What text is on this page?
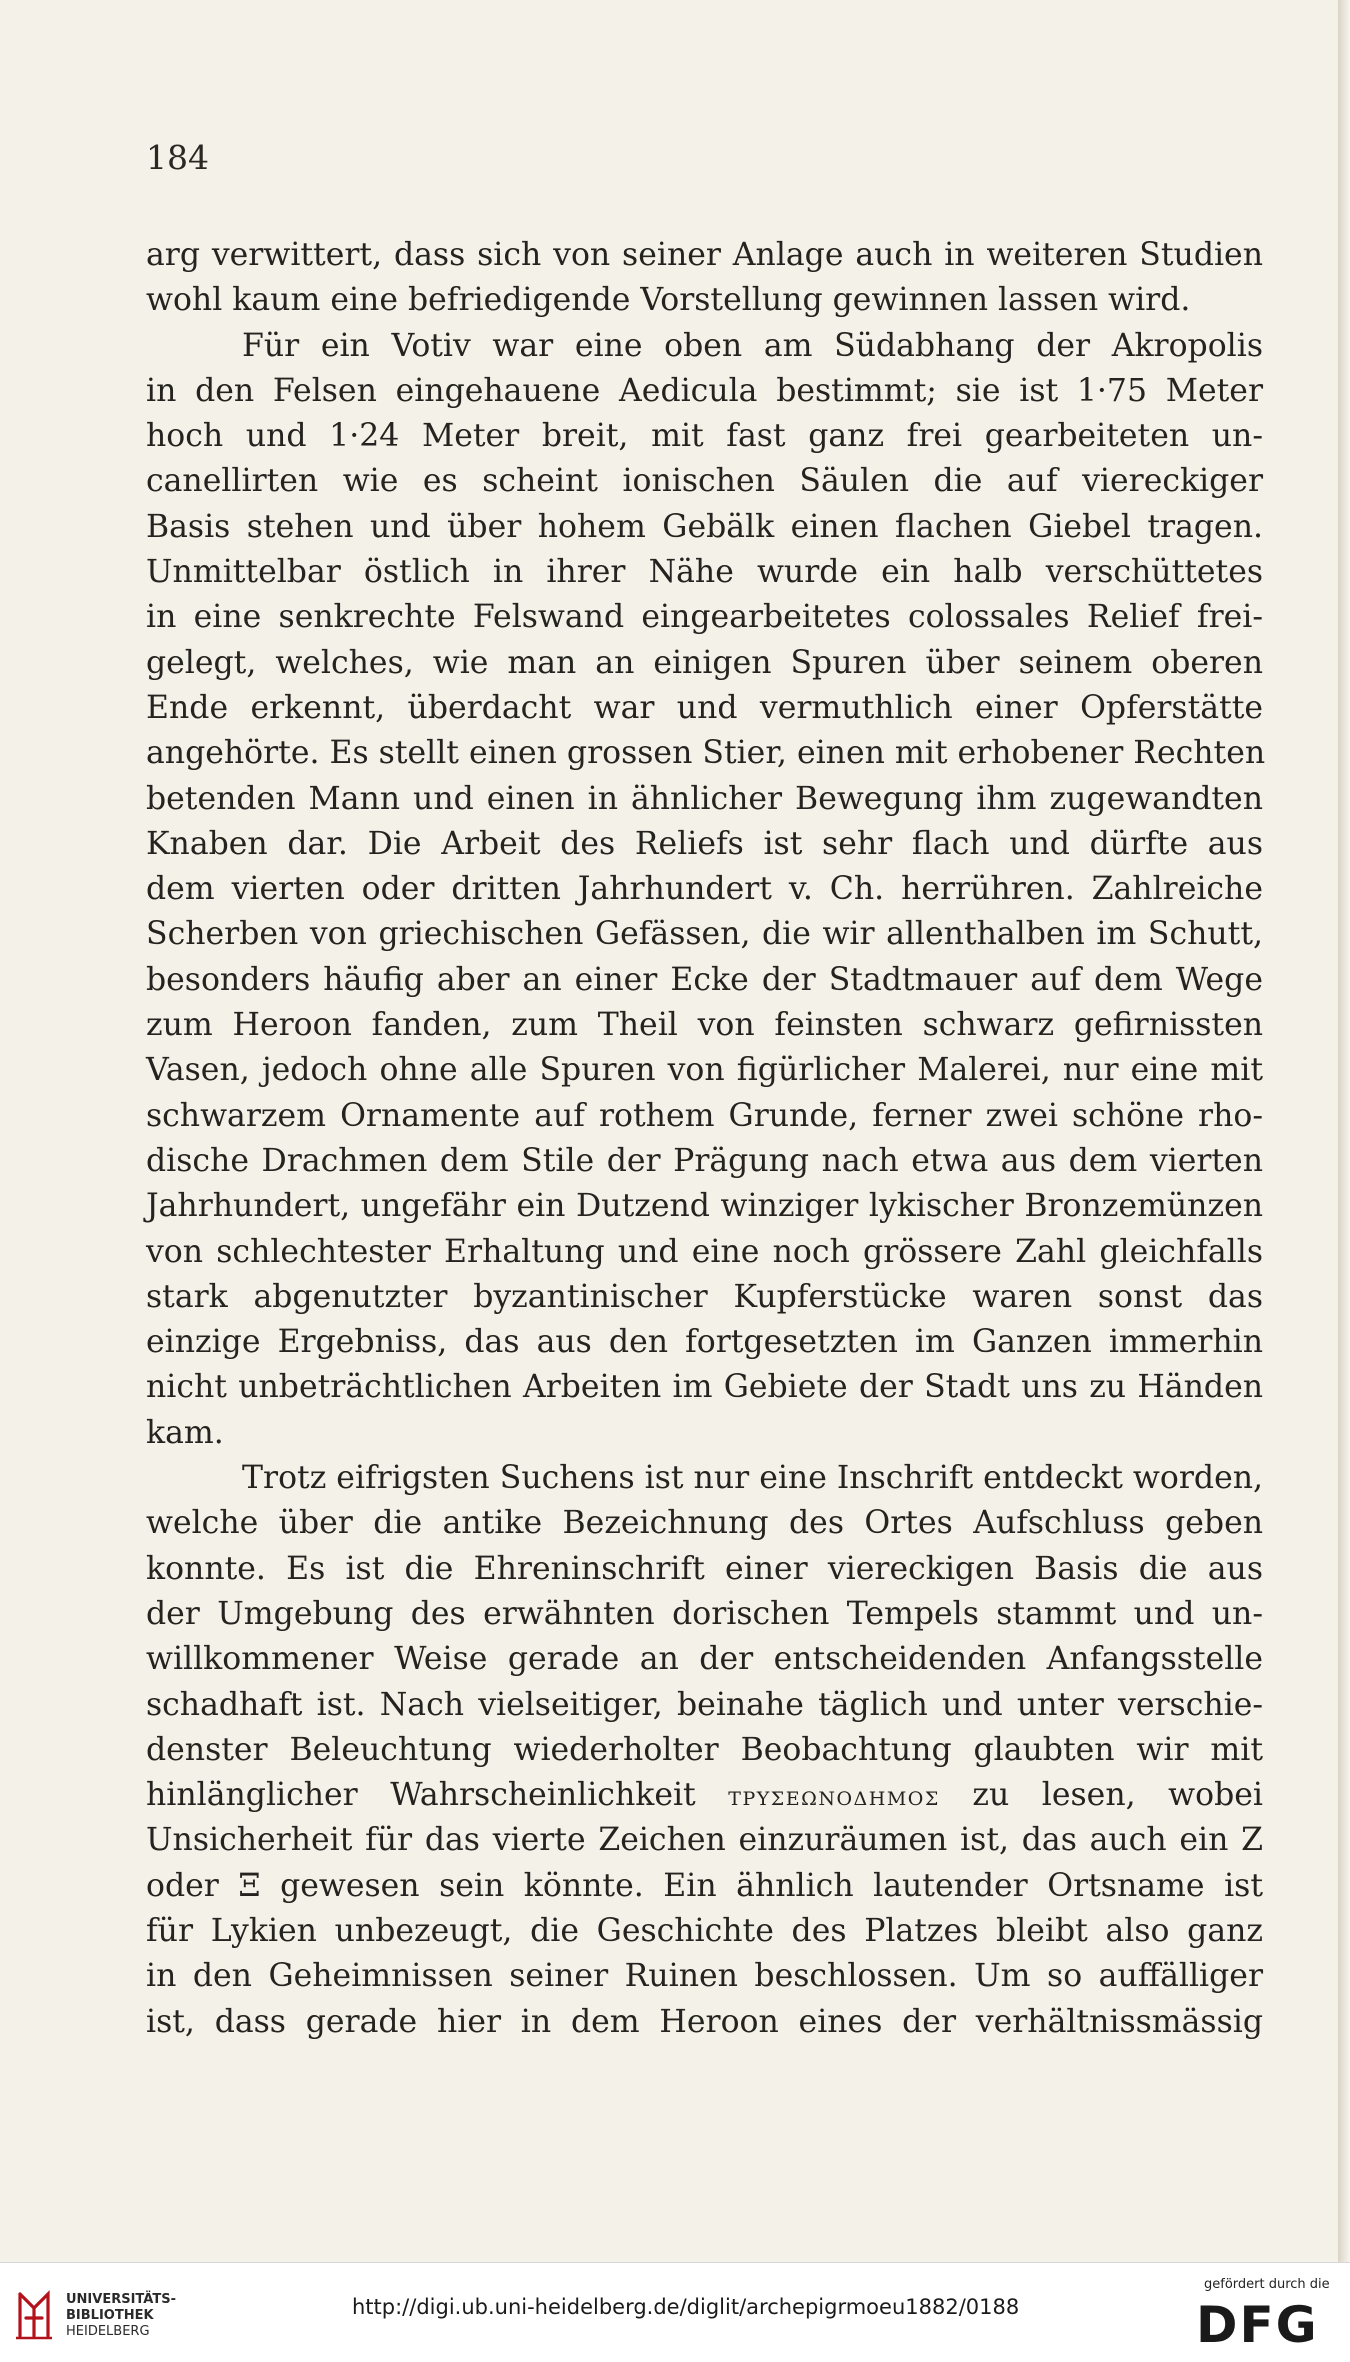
184
arg verwittert, dass sich von seiner Anlage auch in weiteren Studien
wohl kaum eine befriedigende Vorstellung gewinnen lassen wird.
Für ein Votiv war eine oben am Südabhang der Akropolis
in den Felsen eingehauene Aedicula bestimmt; sie ist 1·75 Meter
hoch und 1·24 Meter breit, mit fast ganz frei gearbeiteten un-
canellirten wie es scheint ionischen Säulen die auf viereckiger
Basis stehen und über hohem Gebälk einen flachen Giebel tragen.
Unmittelbar östlich in ihrer Nähe wurde ein halb verschüttetes
in eine senkrechte Felswand eingearbeitetes colossales Relief frei-
gelegt, welches, wie man an einigen Spuren über seinem oberen
Ende erkennt, überdacht war und vermuthlich einer Opferstätte
angehörte. Es stellt einen grossen Stier, einen mit erhobener Rechten
betenden Mann und einen in ähnlicher Bewegung ihm zugewandten
Knaben dar. Die Arbeit des Reliefs ist sehr flach und dürfte aus
dem vierten oder dritten Jahrhundert v. Ch. herrühren. Zahlreiche
Scherben von griechischen Gefässen, die wir allenthalben im Schutt,
besonders häufig aber an einer Ecke der Stadtmauer auf dem Wege
zum Heroon fanden, zum Theil von feinsten schwarz gefirnissten
Vasen, jedoch ohne alle Spuren von figürlicher Malerei, nur eine mit
schwarzem Ornamente auf rothem Grunde, ferner zwei schöne rho-
dische Drachmen dem Stile der Prägung nach etwa aus dem vierten
Jahrhundert, ungefähr ein Dutzend winziger lykischer Bronzemünzen
von schlechtester Erhaltung und eine noch grössere Zahl gleichfalls
stark abgenutzter byzantinischer Kupferstücke waren sonst das
einzige Ergebniss, das aus den fortgesetzten im Ganzen immerhin
nicht unbeträchtlichen Arbeiten im Gebiete der Stadt uns zu Händen
kam.
Trotz eifrigsten Suchens ist nur eine Inschrift entdeckt worden,
welche über die antike Bezeichnung des Ortes Aufschluss geben
konnte. Es ist die Ehreninschrift einer viereckigen Basis die aus
der Umgebung des erwähnten dorischen Tempels stammt und un-
willkommener Weise gerade an der entscheidenden Anfangsstelle
schadhaft ist. Nach vielseitiger, beinahe täglich und unter verschie-
denster Beleuchtung wiederholter Beobachtung glaubten wir mit
hinlänglicher Wahrscheinlichkeit ΤΡΥΣΕΩΝΟΔΗΜΟΣ zu lesen, wobei
Unsicherheit für das vierte Zeichen einzuräumen ist, das auch ein Ζ
oder Ξ gewesen sein könnte. Ein ähnlich lautender Ortsname ist
für Lykien unbezeugt, die Geschichte des Platzes bleibt also ganz
in den Geheimnissen seiner Ruinen beschlossen. Um so auffälliger
ist, dass gerade hier in dem Heroon eines der verhältnissmässig
UNIVERSITÄTS-
BIBLIOTHEK
HEIDELBERG
http://digi.ub.uni-heidelberg.de/diglit/archepigrmoeu1882/0188
gefördert durch die
DFG
